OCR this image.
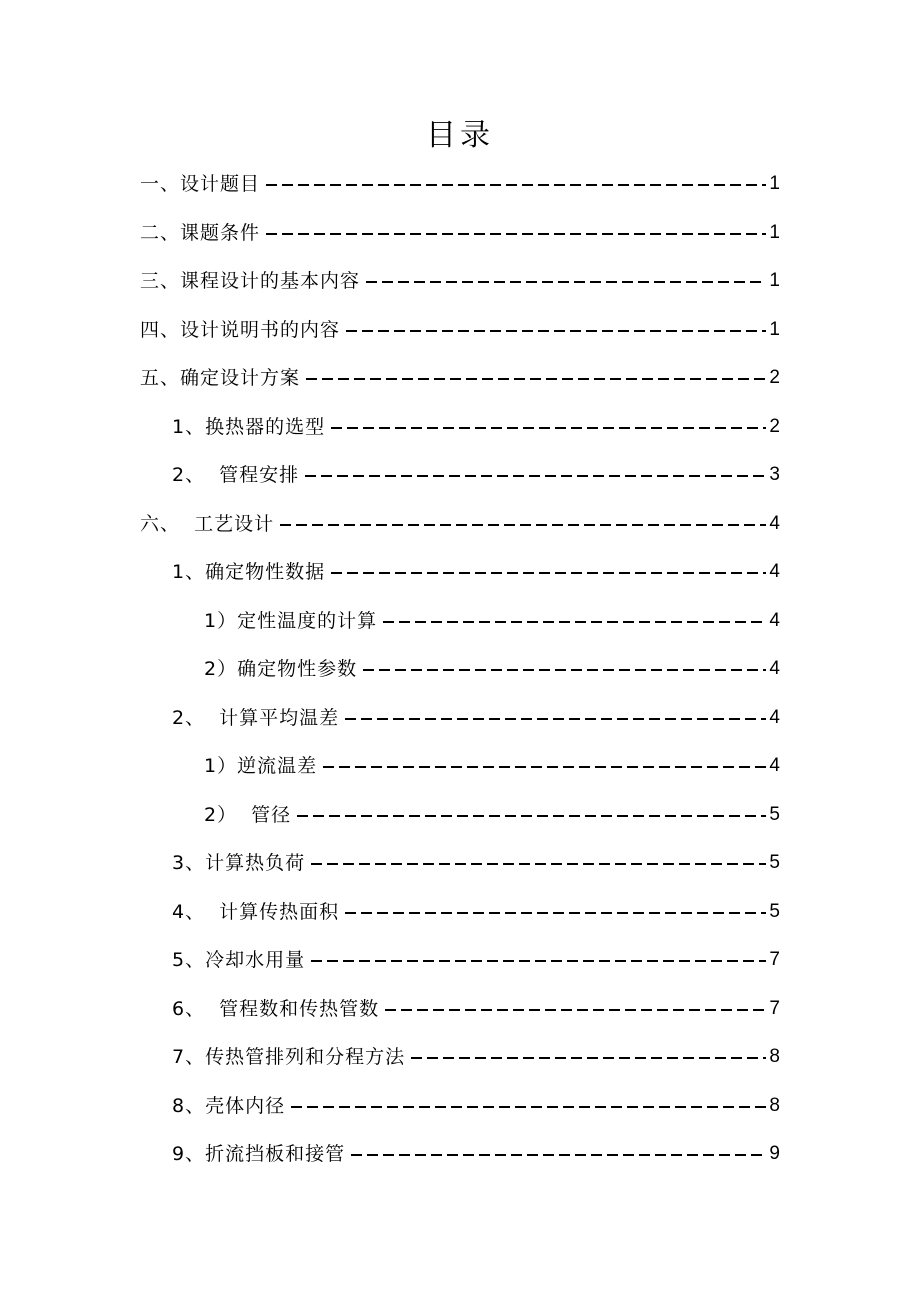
目录
一、设计题目	1
二、课题条件	1
三、课程设计的基本内容	1
四、设计说明书的内容	1
五、确定设计方案	2
1、换热器的选型	2
2、  管程安排	3
六、  工艺设计	4
1、确定物性数据	4
1）定性温度的计算	4
2）确定物性参数	4
2、  计算平均温差	4
1）逆流温差	4
2）  管径	5
3、计算热负荷	5
4、  计算传热面积	5
5、冷却水用量	7
6、  管程数和传热管数	7
7、传热管排列和分程方法	8
8、壳体内径	8
9、折流挡板和接管	9
